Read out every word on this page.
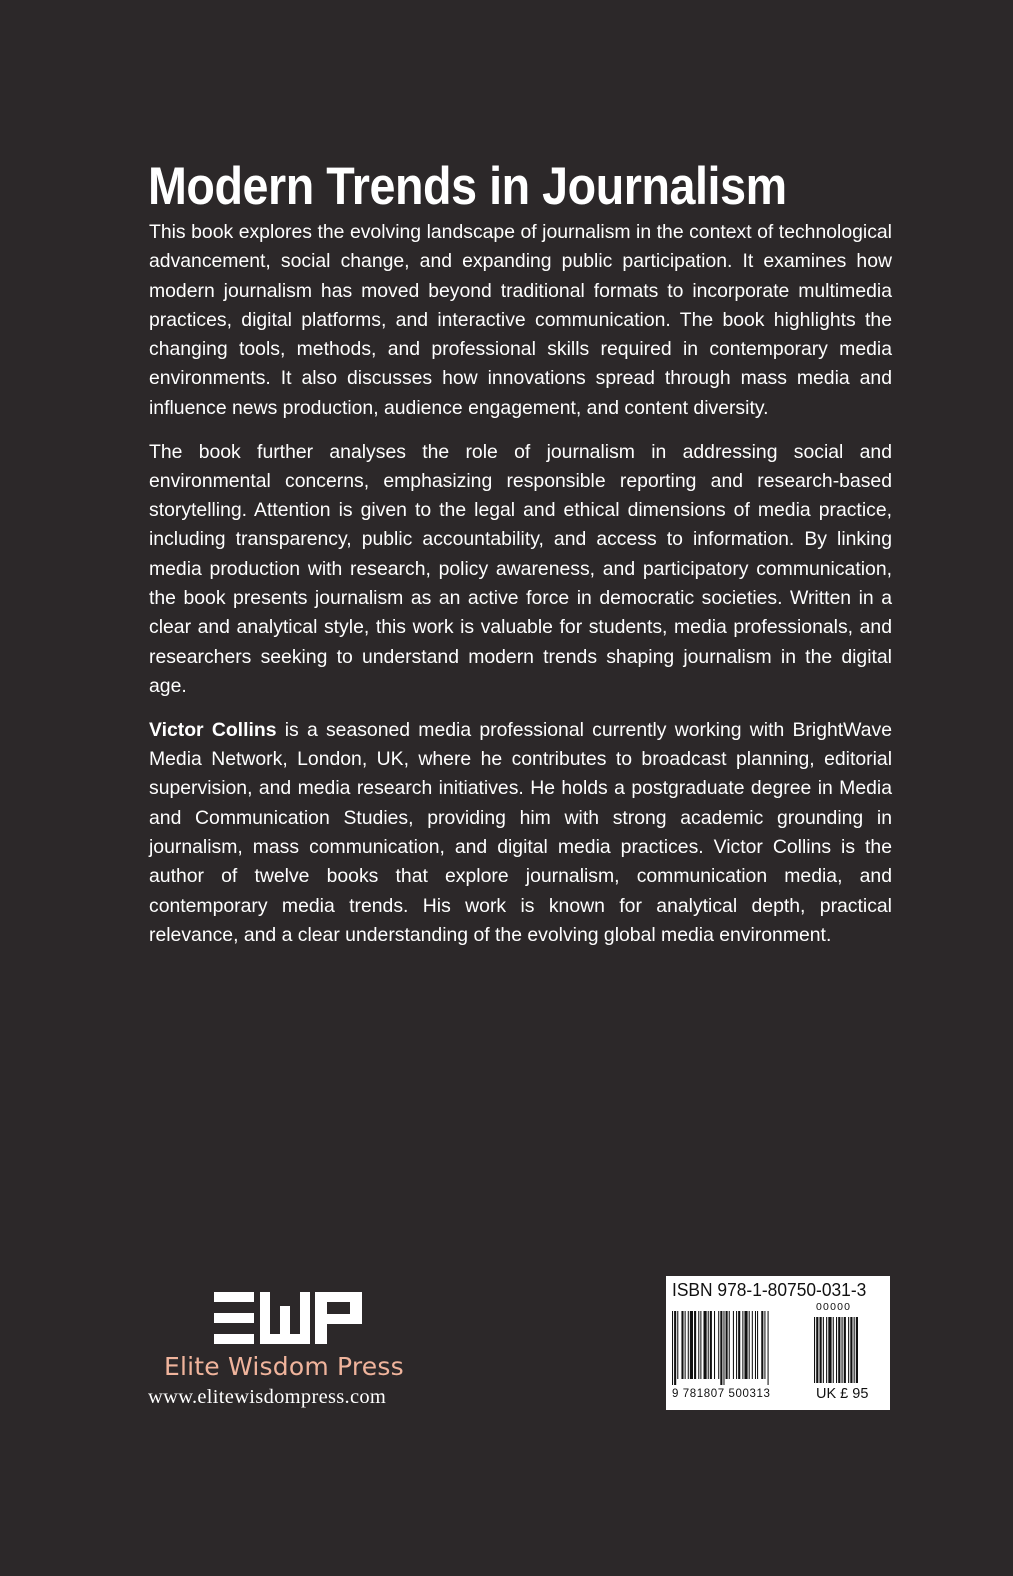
Modern Trends in Journalism

This book explores the evolving landscape of journalism in the context of technological advancement, social change, and expanding public participation. It examines how modern journalism has moved beyond traditional formats to incorporate multimedia practices, digital platforms, and interactive communication. The book highlights the changing tools, methods, and professional skills required in contemporary media environments. It also discusses how innovations spread through mass media and influence news production, audience engagement, and content diversity.

The book further analyses the role of journalism in addressing social and environmental concerns, emphasizing responsible reporting and research-based storytelling. Attention is given to the legal and ethical dimensions of media practice, including transparency, public accountability, and access to information. By linking media production with research, policy awareness, and participatory communication, the book presents journalism as an active force in democratic societies. Written in a clear and analytical style, this work is valuable for students, media professionals, and researchers seeking to understand modern trends shaping journalism in the digital age.

Victor Collins is a seasoned media professional currently working with BrightWave Media Network, London, UK, where he contributes to broadcast planning, editorial supervision, and media research initiatives. He holds a postgraduate degree in Media and Communication Studies, providing him with strong academic grounding in journalism, mass communication, and digital media practices. Victor Collins is the author of twelve books that explore journalism, communication media, and contemporary media trends. His work is known for analytical depth, practical relevance, and a clear understanding of the evolving global media environment.

Elite Wisdom Press
www.elitewisdompress.com
ISBN 978-1-80750-031-3
00000
9 781807 500313	UK £ 95
